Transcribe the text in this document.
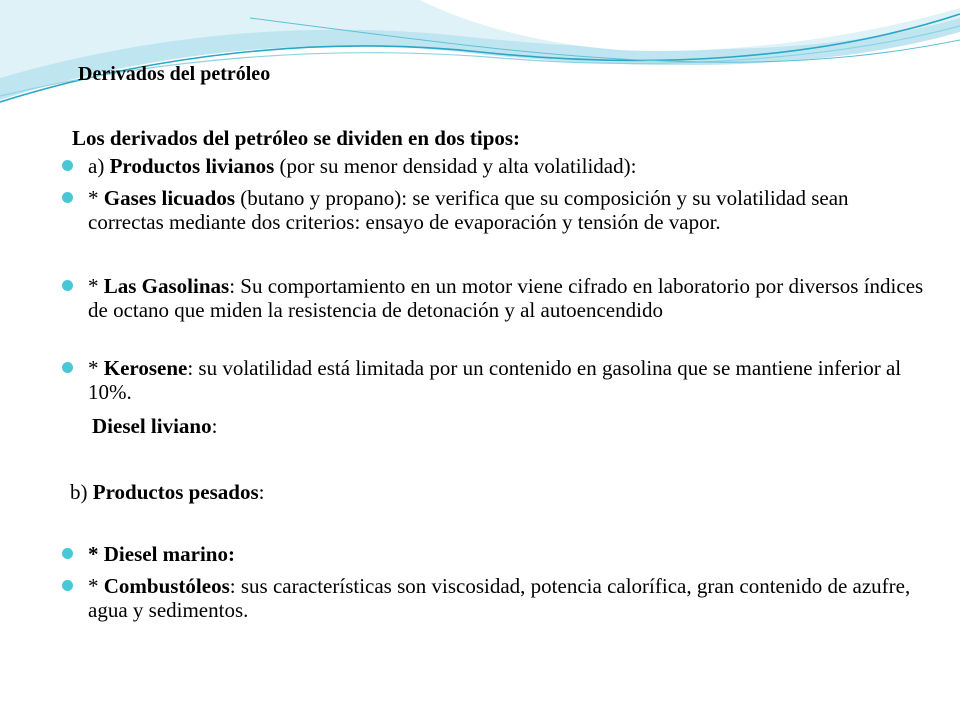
Derivados del petróleo
Los derivados del petróleo se dividen en dos tipos:
a) Productos livianos (por su menor densidad y alta volatilidad):
* Gases licuados (butano y propano): se verifica que su composición y su volatilidad sean correctas mediante dos criterios: ensayo de evaporación y tensión de vapor.
* Las Gasolinas: Su comportamiento en un motor viene cifrado en laboratorio por diversos índices de octano que miden la resistencia de detonación y al autoencendido
* Kerosene: su volatilidad está limitada por un contenido en gasolina que se mantiene inferior al 10%.
Diesel liviano:
b) Productos pesados:
* Diesel marino:
* Combustóleos: sus características son viscosidad, potencia calorífica, gran contenido de azufre, agua y sedimentos.
